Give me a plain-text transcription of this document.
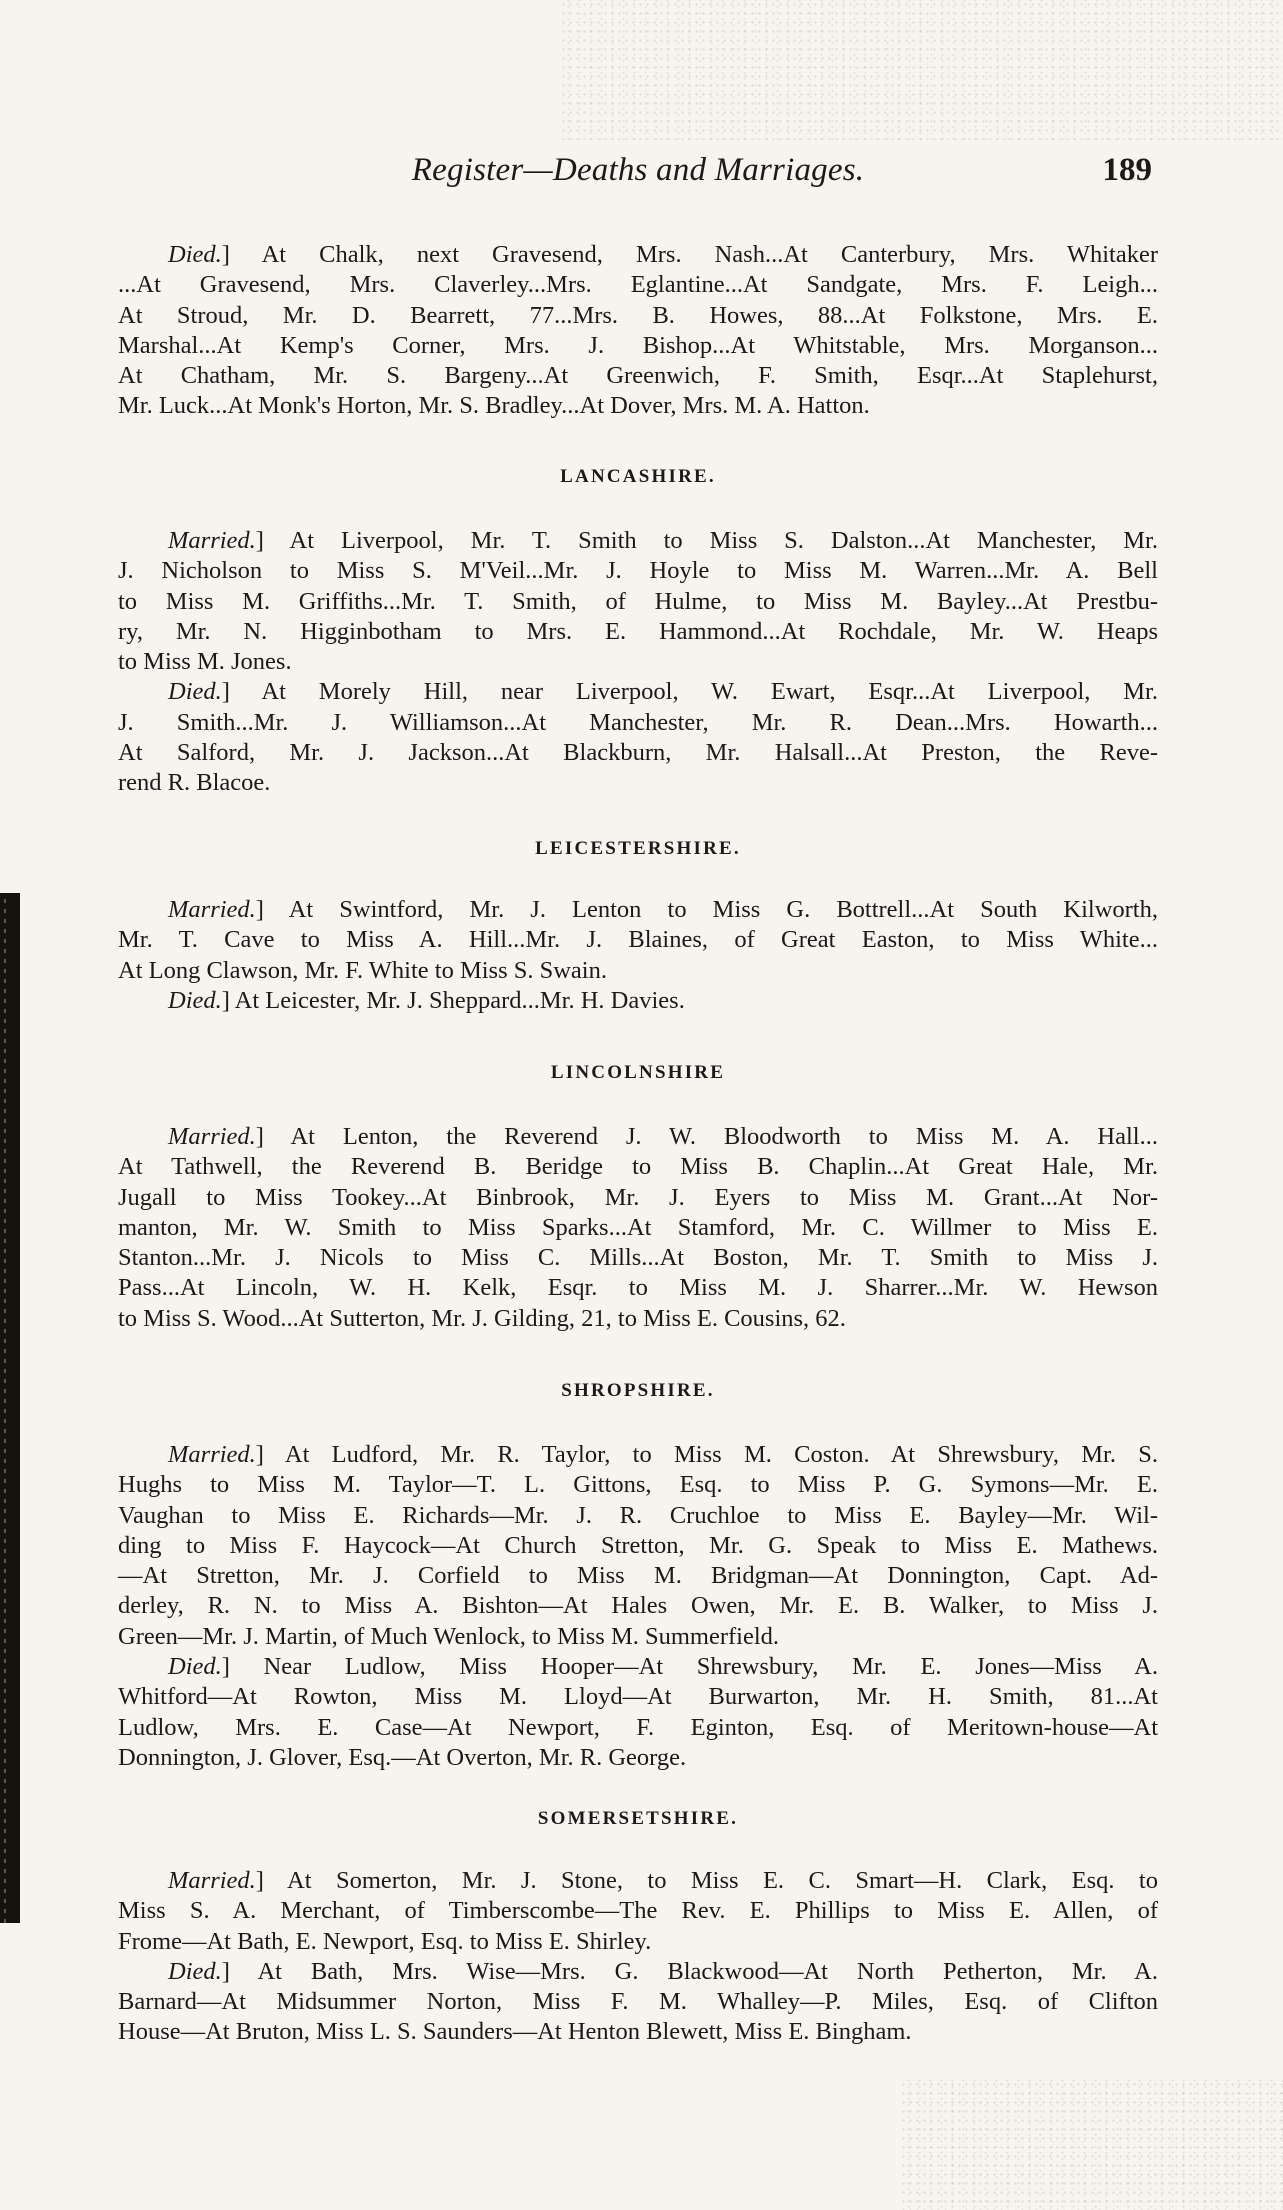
Register—Deaths and Marriages.	189
Died.] At Chalk, next Gravesend, Mrs. Nash...At Canterbury, Mrs. Whitaker
...At Gravesend, Mrs. Claverley...Mrs. Eglantine...At Sandgate, Mrs. F. Leigh...
At Stroud, Mr. D. Bearrett, 77...Mrs. B. Howes, 88...At Folkstone, Mrs. E.
Marshal...At Kemp's Corner, Mrs. J. Bishop...At Whitstable, Mrs. Morganson...
At Chatham, Mr. S. Bargeny...At Greenwich, F. Smith, Esqr...At Staplehurst,
Mr. Luck...At Monk's Horton, Mr. S. Bradley...At Dover, Mrs. M. A. Hatton.
LANCASHIRE.
Married.] At Liverpool, Mr. T. Smith to Miss S. Dalston...At Manchester, Mr.
J. Nicholson to Miss S. M'Veil...Mr. J. Hoyle to Miss M. Warren...Mr. A. Bell
to Miss M. Griffiths...Mr. T. Smith, of Hulme, to Miss M. Bayley...At Prestbu-
ry, Mr. N. Higginbotham to Mrs. E. Hammond...At Rochdale, Mr. W. Heaps
to Miss M. Jones.
Died.] At Morely Hill, near Liverpool, W. Ewart, Esqr...At Liverpool, Mr.
J. Smith...Mr. J. Williamson...At Manchester, Mr. R. Dean...Mrs. Howarth...
At Salford, Mr. J. Jackson...At Blackburn, Mr. Halsall...At Preston, the Reve-
rend R. Blacoe.
LEICESTERSHIRE.
Married.] At Swintford, Mr. J. Lenton to Miss G. Bottrell...At South Kilworth,
Mr. T. Cave to Miss A. Hill...Mr. J. Blaines, of Great Easton, to Miss White...
At Long Clawson, Mr. F. White to Miss S. Swain.
Died.] At Leicester, Mr. J. Sheppard...Mr. H. Davies.
LINCOLNSHIRE
Married.] At Lenton, the Reverend J. W. Bloodworth to Miss M. A. Hall...
At Tathwell, the Reverend B. Beridge to Miss B. Chaplin...At Great Hale, Mr.
Jugall to Miss Tookey...At Binbrook, Mr. J. Eyers to Miss M. Grant...At Nor-
manton, Mr. W. Smith to Miss Sparks...At Stamford, Mr. C. Willmer to Miss E.
Stanton...Mr. J. Nicols to Miss C. Mills...At Boston, Mr. T. Smith to Miss J.
Pass...At Lincoln, W. H. Kelk, Esqr. to Miss M. J. Sharrer...Mr. W. Hewson
to Miss S. Wood...At Sutterton, Mr. J. Gilding, 21, to Miss E. Cousins, 62.
SHROPSHIRE.
Married.] At Ludford, Mr. R. Taylor, to Miss M. Coston. At Shrewsbury, Mr. S.
Hughs to Miss M. Taylor—T. L. Gittons, Esq. to Miss P. G. Symons—Mr. E.
Vaughan to Miss E. Richards—Mr. J. R. Cruchloe to Miss E. Bayley—Mr. Wil-
ding to Miss F. Haycock—At Church Stretton, Mr. G. Speak to Miss E. Mathews.
—At Stretton, Mr. J. Corfield to Miss M. Bridgman—At Donnington, Capt. Ad-
derley, R. N. to Miss A. Bishton—At Hales Owen, Mr. E. B. Walker, to Miss J.
Green—Mr. J. Martin, of Much Wenlock, to Miss M. Summerfield.
Died.] Near Ludlow, Miss Hooper—At Shrewsbury, Mr. E. Jones—Miss A.
Whitford—At Rowton, Miss M. Lloyd—At Burwarton, Mr. H. Smith, 81...At
Ludlow, Mrs. E. Case—At Newport, F. Eginton, Esq. of Meritown-house—At
Donnington, J. Glover, Esq.—At Overton, Mr. R. George.
SOMERSETSHIRE.
Married.] At Somerton, Mr. J. Stone, to Miss E. C. Smart—H. Clark, Esq. to
Miss S. A. Merchant, of Timberscombe—The Rev. E. Phillips to Miss E. Allen, of
Frome—At Bath, E. Newport, Esq. to Miss E. Shirley.
Died.] At Bath, Mrs. Wise—Mrs. G. Blackwood—At North Petherton, Mr. A.
Barnard—At Midsummer Norton, Miss F. M. Whalley—P. Miles, Esq. of Clifton
House—At Bruton, Miss L. S. Saunders—At Henton Blewett, Miss E. Bingham.
